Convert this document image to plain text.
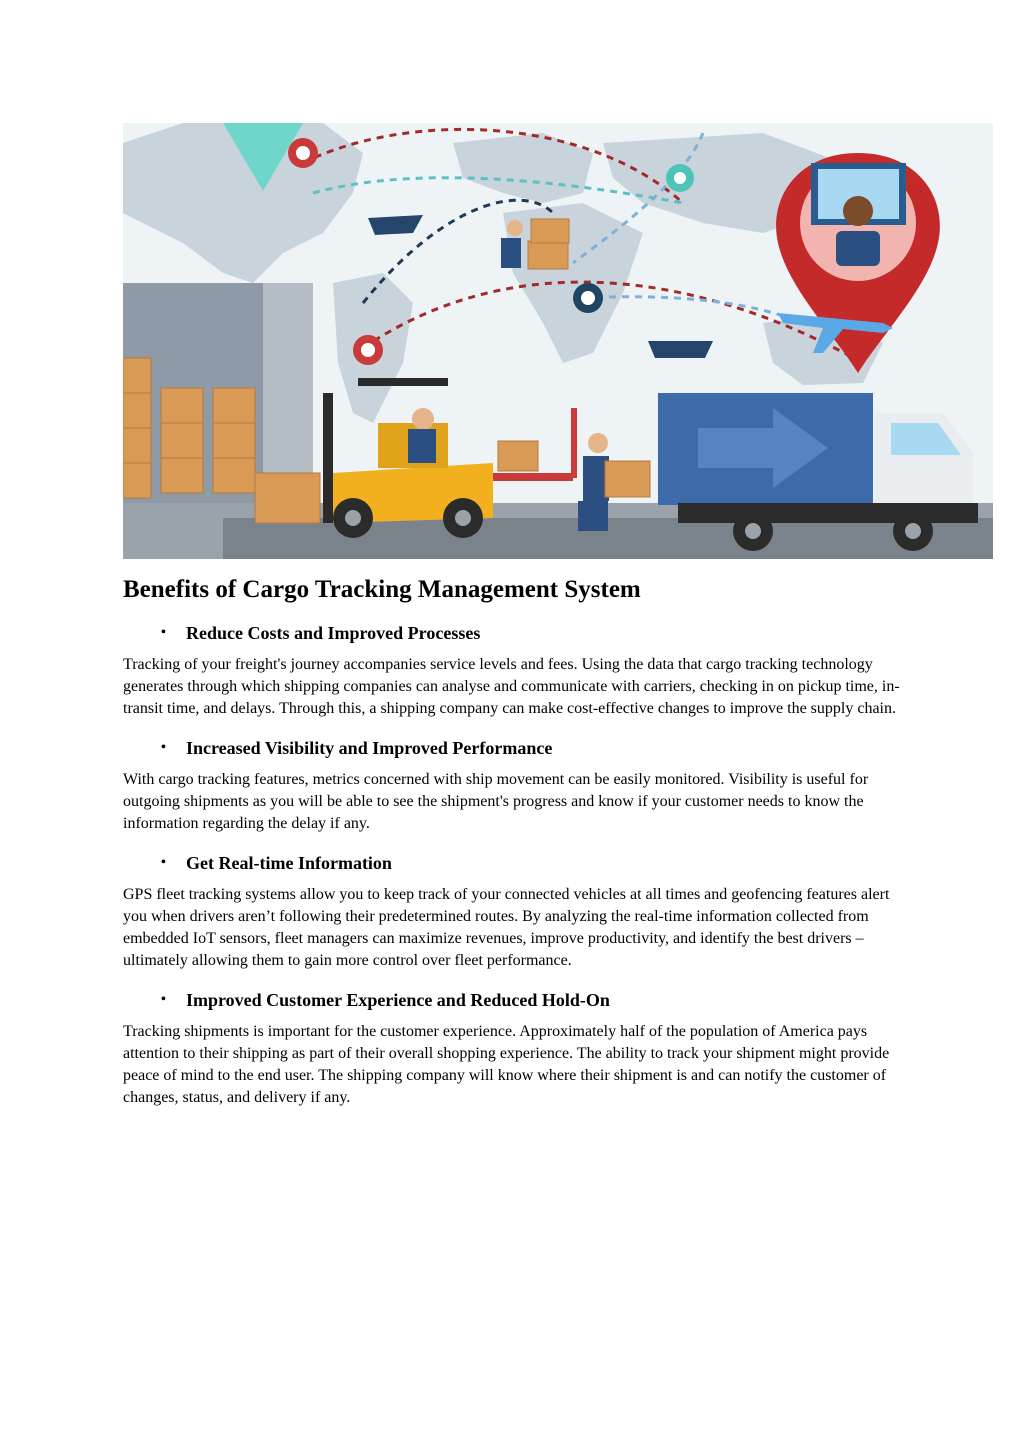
Benefits of Cargo Tracking Management System
•	Reduce Costs and Improved Processes

Tracking of your freight's journey accompanies service levels and fees. Using the data that cargo tracking technology generates through which shipping companies can analyse and communicate with carriers, checking in on pickup time, in-transit time, and delays. Through this, a shipping company can make cost-effective changes to improve the supply chain.

•	Increased Visibility and Improved Performance

With cargo tracking features, metrics concerned with ship movement can be easily monitored. Visibility is useful for outgoing shipments as you will be able to see the shipment's progress and know if your customer needs to know the information regarding the delay if any.

•	Get Real-time Information

GPS fleet tracking systems allow you to keep track of your connected vehicles at all times and geofencing features alert you when drivers aren’t following their predetermined routes. By analyzing the real-time information collected from embedded IoT sensors, fleet managers can maximize revenues, improve productivity, and identify the best drivers – ultimately allowing them to gain more control over fleet performance.

•	Improved Customer Experience and Reduced Hold-On

Tracking shipments is important for the customer experience. Approximately half of the population of America pays attention to their shipping as part of their overall shopping experience. The ability to track your shipment might provide peace of mind to the end user. The shipping company will know where their shipment is and can notify the customer of changes, status, and delivery if any.
